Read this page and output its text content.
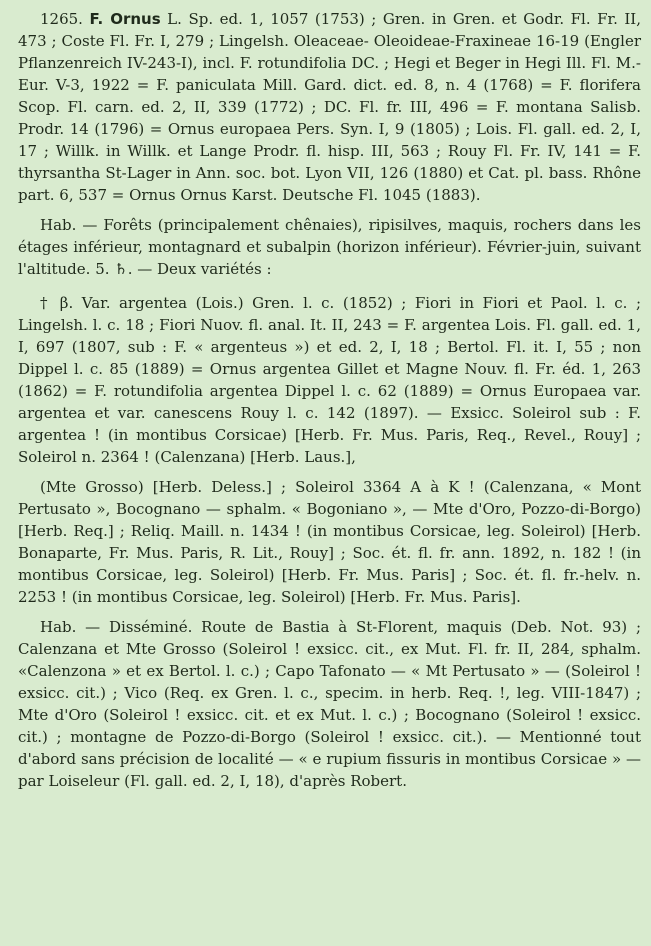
1265. F. Ornus L. Sp. ed. 1, 1057 (1753) ; Gren. in Gren. et Godr. Fl. Fr. II, 473 ; Coste Fl. Fr. I, 279 ; Lingelsh. Oleaceae- Oleoideae-Fraxineae 16-19 (Engler Pflanzenreich IV-243-I), incl. F. rotundifolia DC. ; Hegi et Beger in Hegi Ill. Fl. M.-Eur. V-3, 1922 = F. paniculata Mill. Gard. dict. ed. 8, n. 4 (1768) = F. florifera Scop. Fl. carn. ed. 2, II, 339 (1772) ; DC. Fl. fr. III, 496 = F. montana Salisb. Prodr. 14 (1796) = Ornus europaea Pers. Syn. I, 9 (1805) ; Lois. Fl. gall. ed. 2, I, 17 ; Willk. in Willk. et Lange Prodr. fl. hisp. III, 563 ; Rouy Fl. Fr. IV, 141 = F. thyrsantha St-Lager in Ann. soc. bot. Lyon VII, 126 (1880) et Cat. pl. bass. Rhône part. 6, 537 = Ornus Ornus Karst. Deutsche Fl. 1045 (1883).

Hab. — Forêts (principalement chênaies), ripisilves, maquis, rochers dans les étages inférieur, montagnard et subalpin (horizon inférieur). Février-juin, suivant l'altitude. 5. ♄. — Deux variétés :

† β. Var. argentea (Lois.) Gren. l. c. (1852) ; Fiori in Fiori et Paol. l. c. ; Lingelsh. l. c. 18 ; Fiori Nuov. fl. anal. It. II, 243 = F. argentea Lois. Fl. gall. ed. 1, I, 697 (1807, sub : F. « argenteus ») et ed. 2, I, 18 ; Bertol. Fl. it. I, 55 ; non Dippel l. c. 85 (1889) = Ornus argentea Gillet et Magne Nouv. fl. Fr. éd. 1, 263 (1862) = F. rotundifolia argentea Dippel l. c. 62 (1889) = Ornus Europaea var. argentea et var. canescens Rouy l. c. 142 (1897). — Exsicc. Soleirol sub : F. argentea ! (in montibus Corsicae) [Herb. Fr. Mus. Paris, Req., Revel., Rouy] ; Soleirol n. 2364 ! (Calenzana) [Herb. Laus.],

(Mte Grosso) [Herb. Deless.] ; Soleirol 3364 A à K ! (Calenzana, « Mont Pertusato », Bocognano — sphalm. « Bogoniano », — Mte d'Oro, Pozzo-di-Borgo) [Herb. Req.] ; Reliq. Maill. n. 1434 ! (in montibus Corsicae, leg. Soleirol) [Herb. Bonaparte, Fr. Mus. Paris, R. Lit., Rouy] ; Soc. ét. fl. fr. ann. 1892, n. 182 ! (in montibus Corsicae, leg. Soleirol) [Herb. Fr. Mus. Paris] ; Soc. ét. fl. fr.-helv. n. 2253 ! (in montibus Corsicae, leg. Soleirol) [Herb. Fr. Mus. Paris].

Hab. — Disséminé. Route de Bastia à St-Florent, maquis (Deb. Not. 93) ; Calenzana et Mte Grosso (Soleirol ! exsicc. cit., ex Mut. Fl. fr. II, 284, sphalm. «Calenzona » et ex Bertol. l. c.) ; Capo Tafonato — « Mt Pertusato » — (Soleirol ! exsicc. cit.) ; Vico (Req. ex Gren. l. c., specim. in herb. Req. !, leg. VIII-1847) ; Mte d'Oro (Soleirol ! exsicc. cit. et ex Mut. l. c.) ; Bocognano (Soleirol ! exsicc. cit.) ; montagne de Pozzo-di-Borgo (Soleirol ! exsicc. cit.). — Mentionné tout d'abord sans précision de localité — « e rupium fissuris in montibus Corsicae » — par Loiseleur (Fl. gall. ed. 2, I, 18), d'après Robert.
